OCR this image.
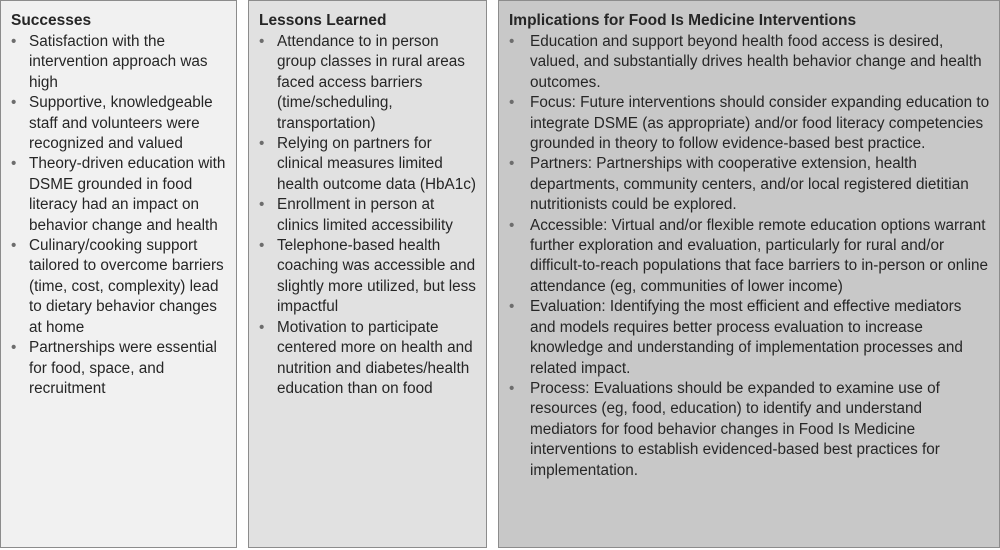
Successes
• Satisfaction with the intervention approach was high
• Supportive, knowledgeable staff and volunteers were recognized and valued
• Theory-driven education with DSME grounded in food literacy had an impact on behavior change and health
• Culinary/cooking support tailored to overcome barriers (time, cost, complexity) lead to dietary behavior changes at home
• Partnerships were essential for food, space, and recruitment
Lessons Learned
• Attendance to in person group classes in rural areas faced access barriers (time/scheduling, transportation)
• Relying on partners for clinical measures limited health outcome data (HbA1c)
• Enrollment in person at clinics limited accessibility
• Telephone-based health coaching was accessible and slightly more utilized, but less impactful
• Motivation to participate centered more on health and nutrition and diabetes/health education than on food
Implications for Food Is Medicine Interventions
•	Education and support beyond health food access is desired, valued, and substantially drives health behavior change and health outcomes.
•	Focus: Future interventions should consider expanding education to integrate DSME (as appropriate) and/or food literacy competencies grounded in theory to follow evidence-based best practice.
•	Partners: Partnerships with cooperative extension, health departments, community centers, and/or local registered dietitian nutritionists could be explored.
•	Accessible: Virtual and/or flexible remote education options warrant further exploration and evaluation, particularly for rural and/or difficult-to-reach populations that face barriers to in-person or online attendance (eg, communities of lower income)
•	Evaluation: Identifying the most efficient and effective mediators and models requires better process evaluation to increase knowledge and understanding of implementation processes and related impact.
•	Process: Evaluations should be expanded to examine use of resources (eg, food, education) to identify and understand mediators for food behavior changes in Food Is Medicine interventions to establish evidenced-based best practices for implementation.
